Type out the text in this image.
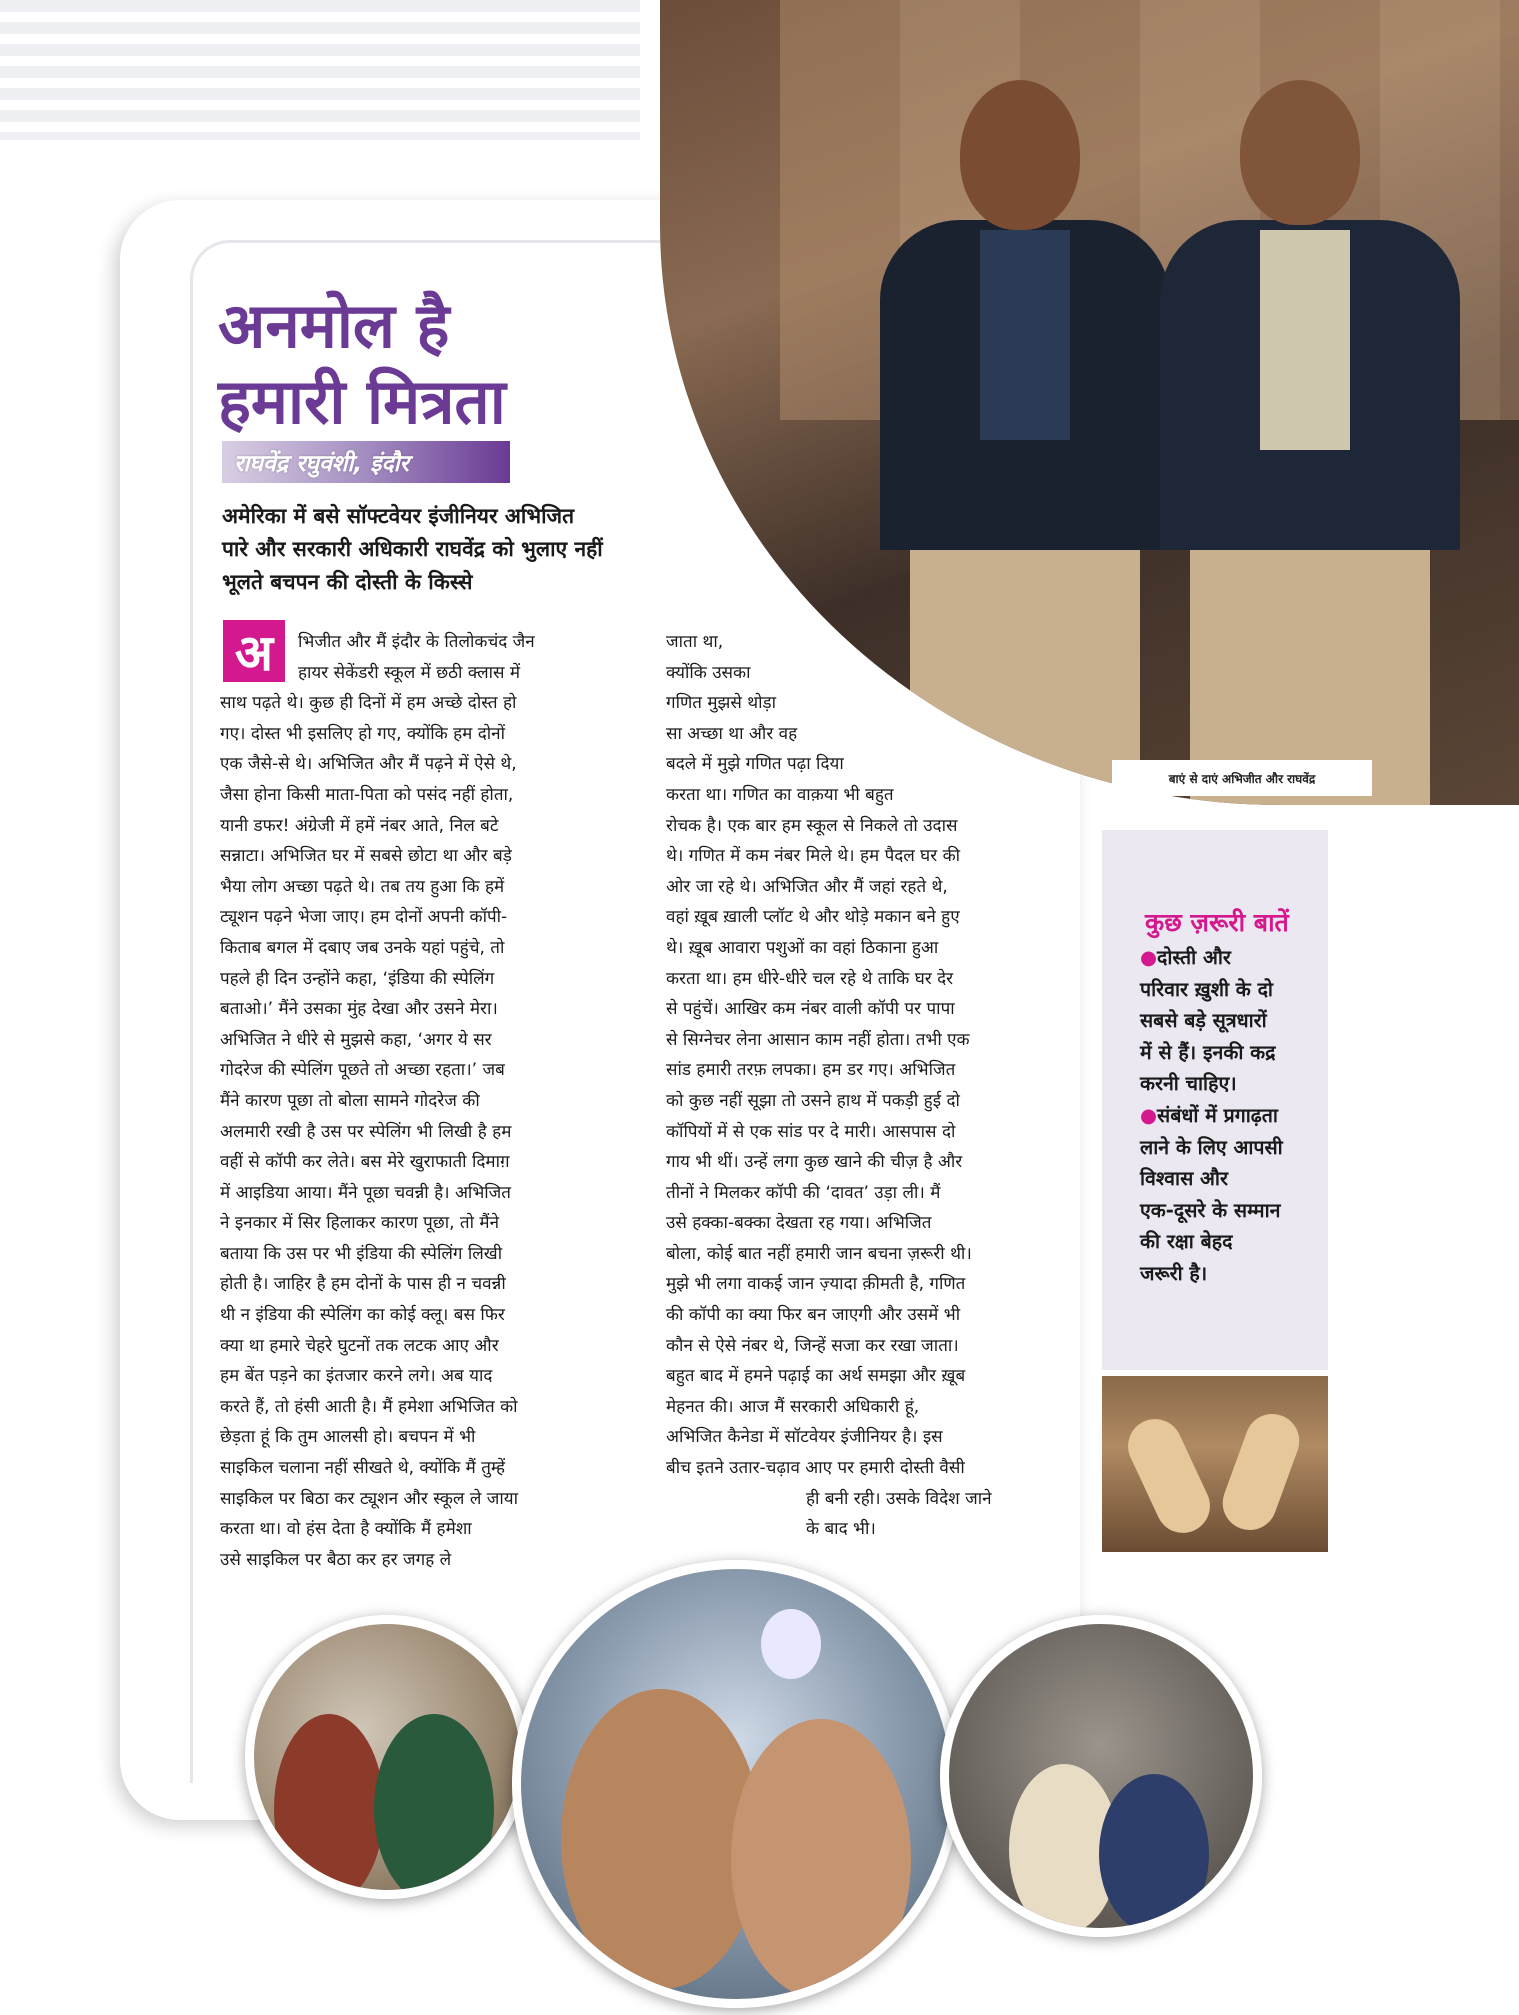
बाएं से दाएं अभिजीत और राघवेंद्र
अनमोल है
हमारी मित्रता
राघवेंद्र रघुवंशी, इंदौर
अमेरिका में बसे सॉफ्टवेयर इंजीनियर अभिजित
पारे और सरकारी अधिकारी राघवेंद्र को भुलाए नहीं
भूलते बचपन की दोस्ती के किस्से
अ	भिजीत और मैं इंदौर के तिलोकचंद जैन
हायर सेकेंडरी स्कूल में छठी क्लास में
साथ पढ़ते थे। कुछ ही दिनों में हम अच्छे दोस्त हो
गए। दोस्त भी इसलिए हो गए, क्योंकि हम दोनों
एक जैसे-से थे। अभिजित और मैं पढ़ने में ऐसे थे,
जैसा होना किसी माता-पिता को पसंद नहीं होता,
यानी डफर! अंग्रेजी में हमें नंबर आते, निल बटे
सन्नाटा। अभिजित घर में सबसे छोटा था और बड़े
भैया लोग अच्छा पढ़ते थे। तब तय हुआ कि हमें
ट्यूशन पढ़ने भेजा जाए। हम दोनों अपनी कॉपी-
किताब बगल में दबाए जब उनके यहां पहुंचे, तो
पहले ही दिन उन्होंने कहा, ‘इंडिया की स्पेलिंग
बताओ।’ मैंने उसका मुंह देखा और उसने मेरा।
अभिजित ने धीरे से मुझसे कहा, ‘अगर ये सर
गोदरेज की स्पेलिंग पूछते तो अच्छा रहता।’ जब
मैंने कारण पूछा तो बोला सामने गोदरेज की
अलमारी रखी है उस पर स्पेलिंग भी लिखी है हम
वहीं से कॉपी कर लेते। बस मेरे खुराफाती दिमाग़
में आइडिया आया। मैंने पूछा चवन्नी है। अभिजित
ने इनकार में सिर हिलाकर कारण पूछा, तो मैंने
बताया कि उस पर भी इंडिया की स्पेलिंग लिखी
होती है। जाहिर है हम दोनों के पास ही न चवन्नी
थी न इंडिया की स्पेलिंग का कोई क्लू। बस फिर
क्या था हमारे चेहरे घुटनों तक लटक आए और
हम बेंत पड़ने का इंतजार करने लगे। अब याद
करते हैं, तो हंसी आती है। मैं हमेशा अभिजित को
छेड़ता हूं कि तुम आलसी हो। बचपन में भी
साइकिल चलाना नहीं सीखते थे, क्योंकि मैं तुम्हें
साइकिल पर बिठा कर ट्यूशन और स्कूल ले जाया
करता था। वो हंस देता है क्योंकि मैं हमेशा
उसे साइकिल पर बैठा कर हर जगह ले
जाता था,
क्योंकि उसका
गणित मुझसे थोड़ा
सा अच्छा था और वह
बदले में मुझे गणित पढ़ा दिया
करता था। गणित का वाक़या भी बहुत
रोचक है। एक बार हम स्कूल से निकले तो उदास
थे। गणित में कम नंबर मिले थे। हम पैदल घर की
ओर जा रहे थे। अभिजित और मैं जहां रहते थे,
वहां ख़ूब ख़ाली प्लॉट थे और थोड़े मकान बने हुए
थे। ख़ूब आवारा पशुओं का वहां ठिकाना हुआ
करता था। हम धीरे-धीरे चल रहे थे ताकि घर देर
से पहुंचें। आखिर कम नंबर वाली कॉपी पर पापा
से सिग्नेचर लेना आसान काम नहीं होता। तभी एक
सांड हमारी तरफ़ लपका। हम डर गए। अभिजित
को कुछ नहीं सूझा तो उसने हाथ में पकड़ी हुई दो
कॉपियों में से एक सांड पर दे मारी। आसपास दो
गाय भी थीं। उन्हें लगा कुछ खाने की चीज़ है और
तीनों ने मिलकर कॉपी की ‘दावत’ उड़ा ली। मैं
उसे हक्का-बक्का देखता रह गया। अभिजित
बोला, कोई बात नहीं हमारी जान बचना ज़रूरी थी।
मुझे भी लगा वाकई जान ज़्यादा क़ीमती है, गणित
की कॉपी का क्या फिर बन जाएगी और उसमें भी
कौन से ऐसे नंबर थे, जिन्हें सजा कर रखा जाता।
बहुत बाद में हमने पढ़ाई का अर्थ समझा और ख़ूब
मेहनत की। आज मैं सरकारी अधिकारी हूं,
अभिजित कैनेडा में सॉटवेयर इंजीनियर है। इस
बीच इतने उतार-चढ़ाव आए पर हमारी दोस्ती वैसी
ही बनी रही। उसके विदेश जाने
के बाद भी।
कुछ ज़रूरी बातें
●दोस्ती और
परिवार ख़ुशी के दो
सबसे बड़े सूत्रधारों
में से हैं। इनकी कद्र
करनी चाहिए।
●संबंधों में प्रगाढ़ता
लाने के लिए आपसी
विश्वास और
एक-दूसरे के सम्मान
की रक्षा बेहद
जरूरी है।
